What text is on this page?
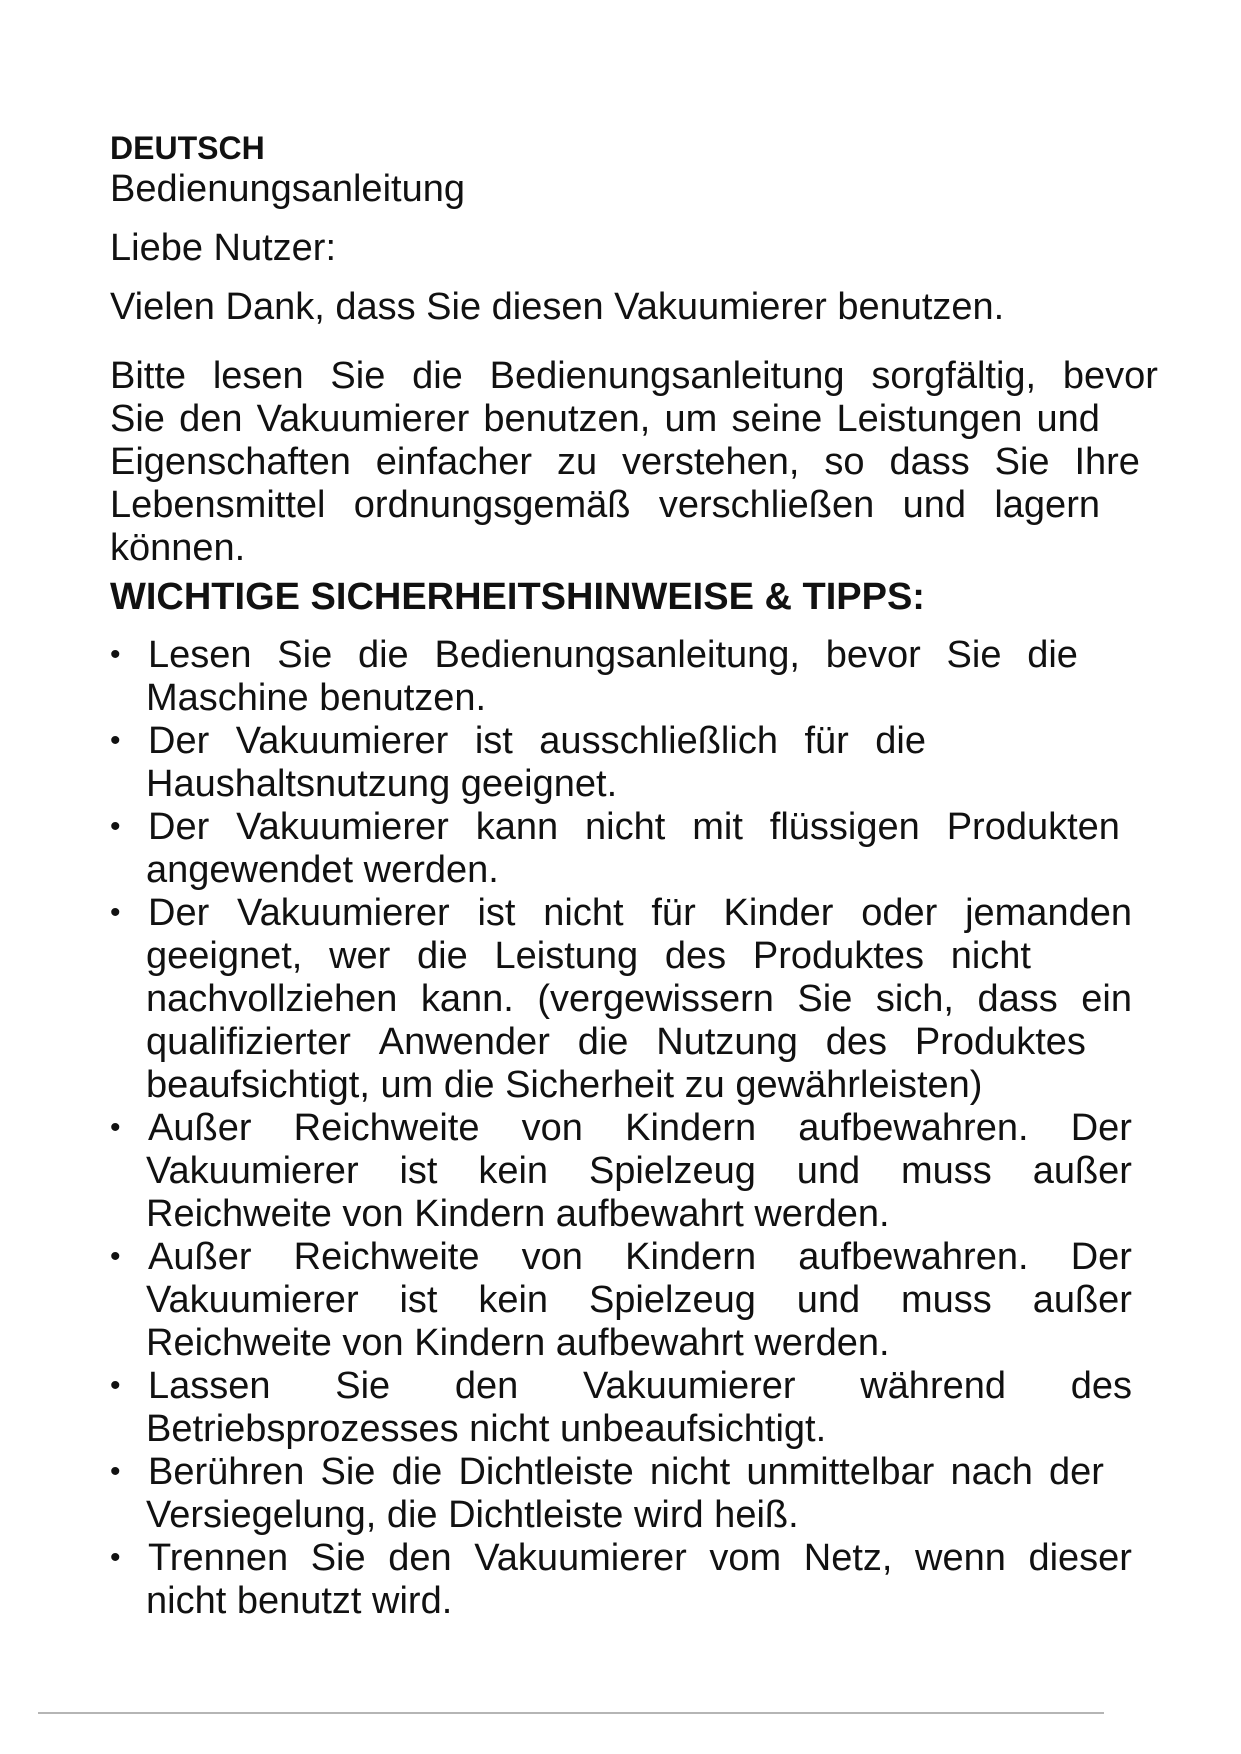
DEUTSCH
Bedienungsanleitung
Liebe Nutzer:
Vielen Dank, dass Sie diesen Vakuumierer benutzen.
Bitte lesen Sie die Bedienungsanleitung sorgfältig, bevor
Sie den Vakuumierer benutzen, um seine Leistungen und
Eigenschaften einfacher zu verstehen, so dass Sie Ihre
Lebensmittel ordnungsgemäß verschließen und lagern
können.
WICHTIGE SICHERHEITSHINWEISE & TIPPS:
• Lesen Sie die Bedienungsanleitung, bevor Sie die
Maschine benutzen.
• Der Vakuumierer ist ausschließlich für die
Haushaltsnutzung geeignet.
• Der Vakuumierer kann nicht mit flüssigen Produkten
angewendet werden.
• Der Vakuumierer ist nicht für Kinder oder jemanden
geeignet, wer die Leistung des Produktes nicht
nachvollziehen kann. (vergewissern Sie sich, dass ein
qualifizierter Anwender die Nutzung des Produktes
beaufsichtigt, um die Sicherheit zu gewährleisten)
• Außer Reichweite von Kindern aufbewahren. Der
Vakuumierer ist kein Spielzeug und muss außer
Reichweite von Kindern aufbewahrt werden.
• Außer Reichweite von Kindern aufbewahren. Der
Vakuumierer ist kein Spielzeug und muss außer
Reichweite von Kindern aufbewahrt werden.
• Lassen Sie den Vakuumierer während des
Betriebsprozesses nicht unbeaufsichtigt.
• Berühren Sie die Dichtleiste nicht unmittelbar nach der
Versiegelung, die Dichtleiste wird heiß.
• Trennen Sie den Vakuumierer vom Netz, wenn dieser
nicht benutzt wird.
